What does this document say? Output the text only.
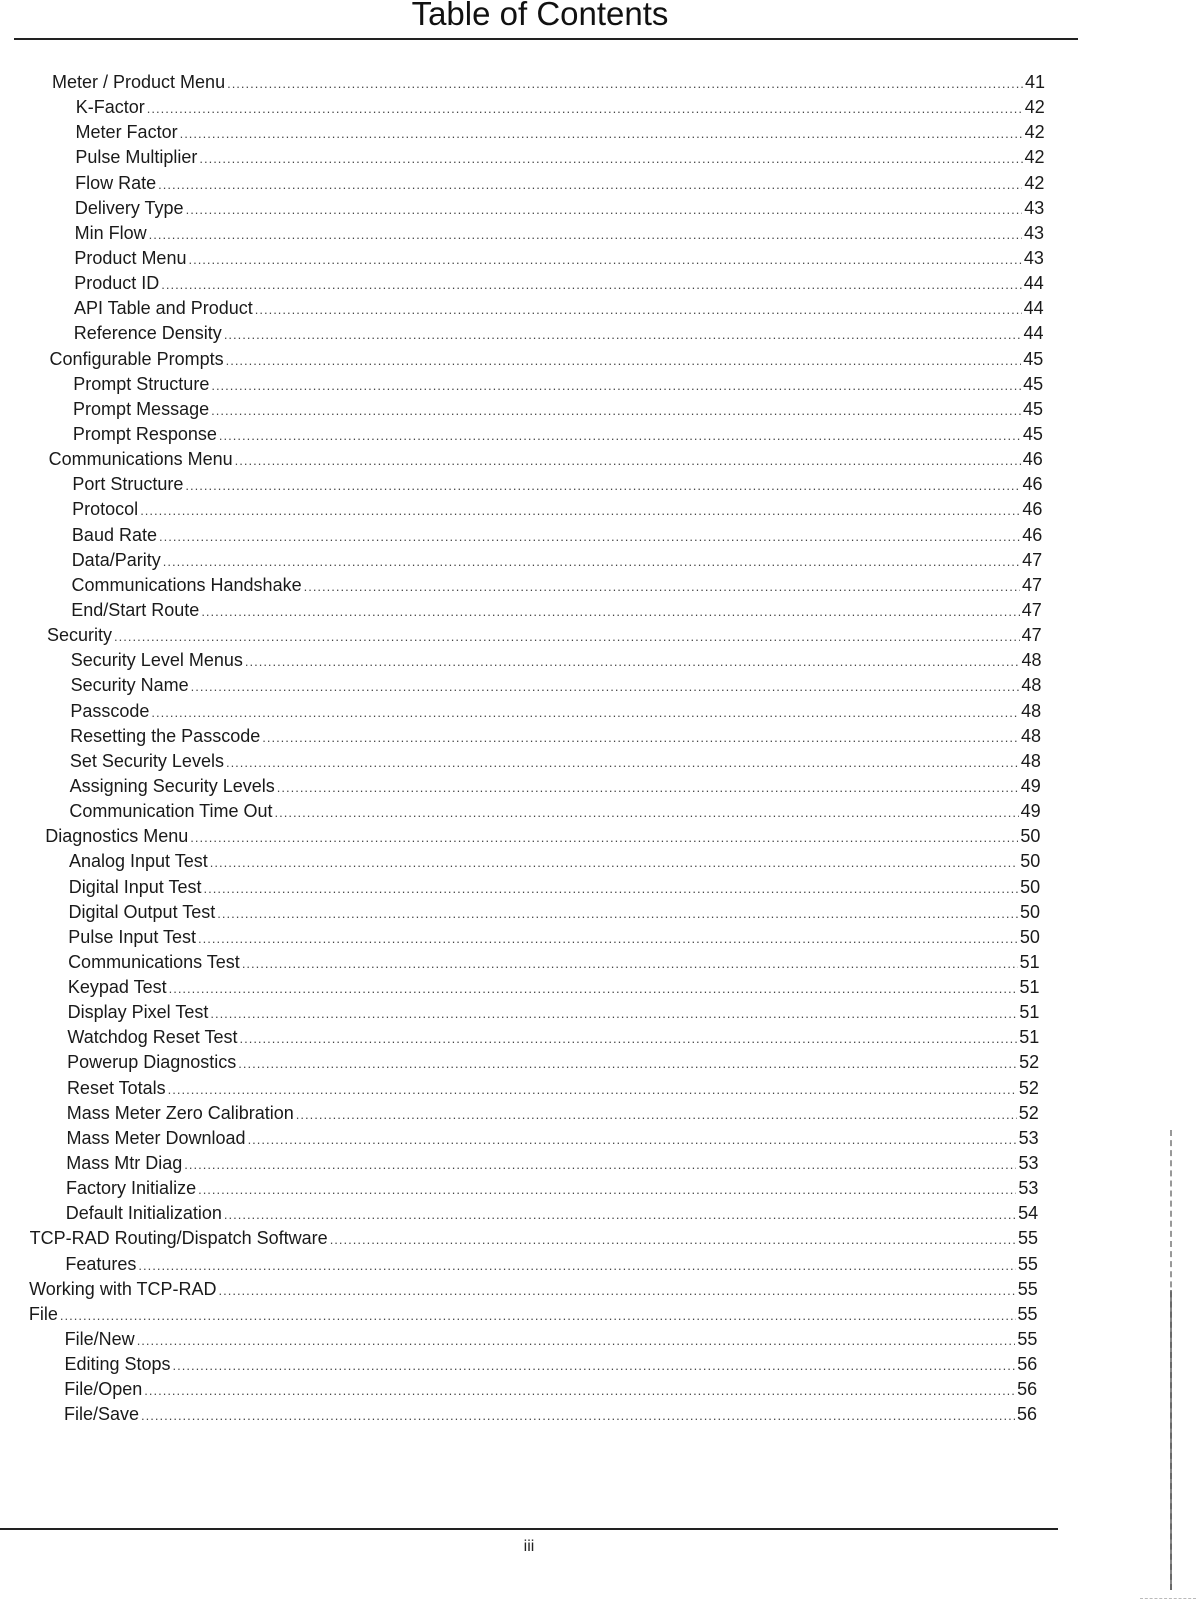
Table of Contents
Meter / Product Menu .....	41
K-Factor .....	42
Meter Factor .....	42
Pulse Multiplier .....	42
Flow Rate .....	42
Delivery Type .....	43
Min Flow .....	43
Product Menu .....	43
Product ID .....	44
API Table and Product .....	44
Reference Density .....	44
Configurable Prompts .....	45
Prompt Structure .....	45
Prompt Message .....	45
Prompt Response .....	45
Communications Menu .....	46
Port Structure .....	46
Protocol .....	46
Baud Rate .....	46
Data/Parity .....	47
Communications Handshake .....	47
End/Start Route .....	47
Security .....	47
Security Level Menus .....	48
Security Name .....	48
Passcode .....	48
Resetting the Passcode .....	48
Set Security Levels .....	48
Assigning Security Levels .....	49
Communication Time Out .....	49
Diagnostics Menu .....	50
Analog Input Test .....	50
Digital Input Test .....	50
Digital Output Test .....	50
Pulse Input Test .....	50
Communications Test .....	51
Keypad Test .....	51
Display Pixel Test .....	51
Watchdog Reset Test .....	51
Powerup Diagnostics .....	52
Reset Totals .....	52
Mass Meter Zero Calibration .....	52
Mass Meter Download .....	53
Mass Mtr Diag .....	53
Factory Initialize .....	53
Default Initialization .....	54
TCP-RAD Routing/Dispatch Software .....	55
Features .....	55
Working with TCP-RAD .....	55
File .....	55
File/New .....	55
Editing Stops .....	56
File/Open .....	56
File/Save .....	56
iii
